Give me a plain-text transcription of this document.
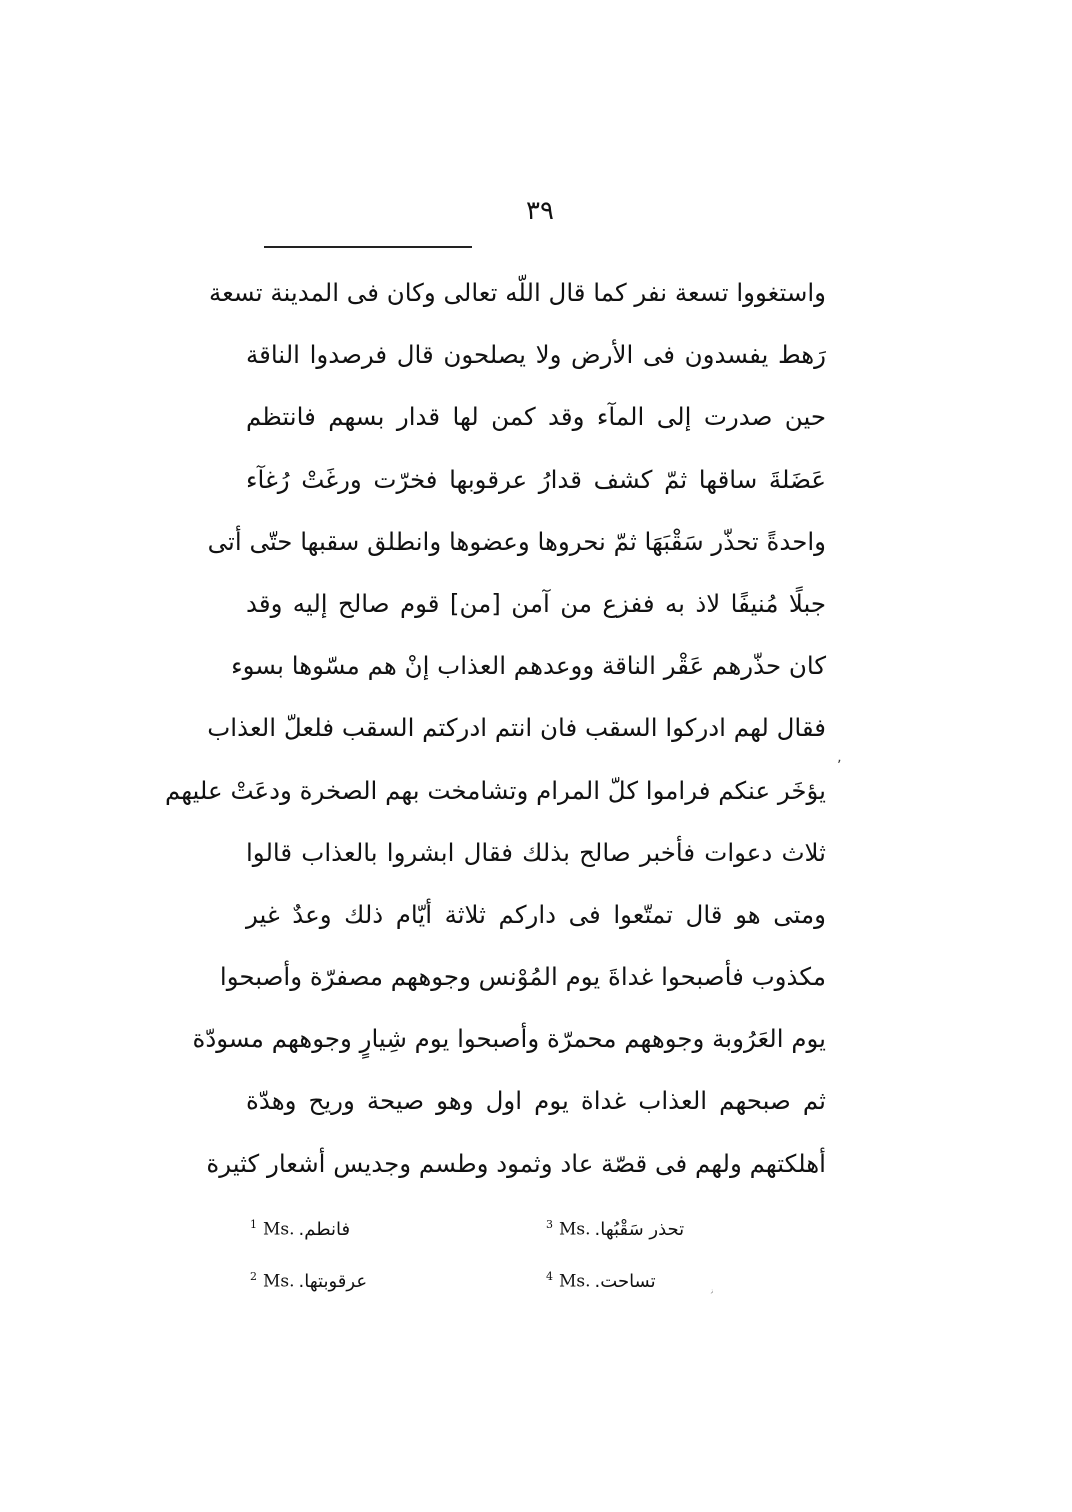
٣٩
واستغووا تسعة نفر كما قال اللّه تعالى وكان فى المدينة تسعة
رَهط يفسدون فى الأرض ولا يصلحون قال فرصدوا الناقة
حين صدرت إلى المآء وقد كمن لها قدار بسهم فانتظم
عَضَلةَ ساقها ثمّ كشف قدارُ عرقوبها فخرّت ورغَتْ رُغآء
واحدةً تحذّر سَقْبَهَا ثمّ نحروها وعضوها وانطلق سقبها حتّى أتى
جبلًا مُنيفًا لاذ به ففزع من آمن [من] قوم صالح إليه وقد
كان حذّرهم عَقْر الناقة ووعدهم العذاب إنْ هم مسّوها بسوء
فقال لهم ادركوا السقب فان انتم ادركتم السقب فلعلّ العذاب
يؤخَر عنكم فراموا كلّ المرام وتشامخت بهم الصخرة ودعَتْ عليهم
ثلاث دعوات فأخبر صالح بذلك فقال ابشروا بالعذاب قالوا
ومتى هو قال تمتّعوا فى داركم ثلاثة أيّام ذلك وعدٌ غير
مكذوب فأصبحوا غداةَ يوم المُوْنس وجوههم مصفرّة وأصبحوا
يوم العَرُوبة وجوههم محمرّة وأصبحوا يوم شِيارٍ وجوههم مسودّة
ثم صبحهم العذاب غداة يوم اول وهو صيحة وريح وهدّة
أهلكتهم ولهم فى قصّة عاد وثمود وطسم وجديس أشعار كثيرة
$^1$ Ms. فانطم.	$^3$ Ms. تحذر سَقْبُها.
$^2$ Ms. عرقوبتها.	$^4$ Ms. تساحت.
٬
